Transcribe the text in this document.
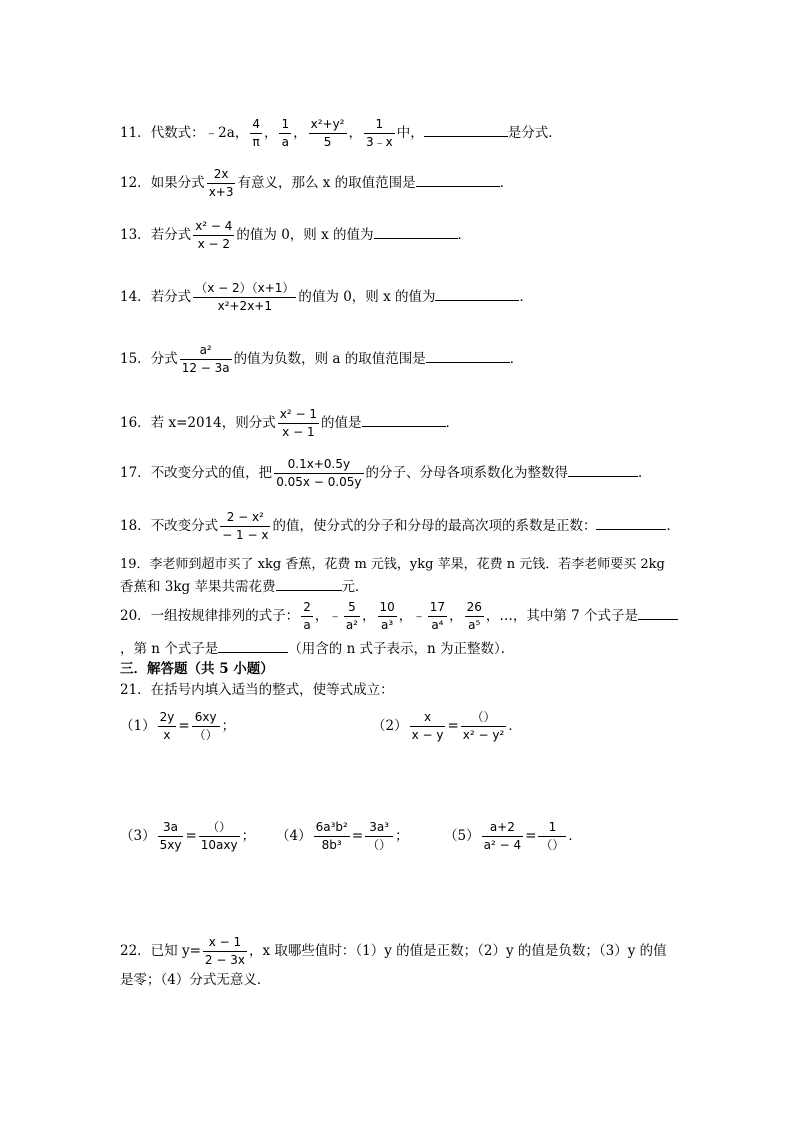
11．代数式：﹣2a， $\frac{4}{\pi}$ ， $\frac{1}{a}$ ， $\frac{\text{x²+y²}}{5}$ ， $\frac{1}{3﹣x}$ 中，	是分式．
12．如果分式 $\frac{2x}{x+3}$ 有意义，那么 x 的取值范围是	．
13．若分式 $\frac{\text{x² − 4}}{x - 2}$ 的值为 0，则 x 的值为	．
14．若分式 $\frac{(x - 2)(x+1)}{\text{x²+2x+1}}$ 的值为 0，则 x 的值为	．
15．分式 $\frac{\text{a²}}{12 - 3a}$ 的值为负数，则 a 的取值范围是	．
16．若 x=2014，则分式 $\frac{\text{x² − 1}}{x - 1}$ 的值是	．
17．不改变分式的值，把 $\frac{0.1x+0.5y}{0.05x - 0.05y}$ 的分子、分母各项系数化为整数得	．
18．不改变分式 $\frac{\text{2 − x²}}{- 1 - x}$ 的值，使分式的分子和分母的最高次项的系数是正数：	．
19．李老师到超市买了 xkg 香蕉，花费 m 元钱，ykg 苹果，花费 n 元钱．若李老师要买 2kg
香蕉和 3kg 苹果共需花费	元．
20．一组按规律排列的式子： $\frac{2}{a}$ ，﹣ $\frac{5}{\text{a²}}$ ， $\frac{10}{\text{a³}}$ ，﹣ $\frac{17}{\text{a⁴}}$ ， $\frac{26}{\text{a⁵}}$ ，…，其中第 7 个式子是
，第 n 个式子是	（用含的 n 式子表示，n 为正整数）．
三．解答题（共 5 小题）
21．在括号内填入适当的整式，使等式成立：
$(1) \frac{2y}{x} = \frac{6xy}{()}$ ；	$(2) \frac{x}{x - y} = \frac{()}{\text{x² − y²}}$ ．
$(3) \frac{3a}{5xy} = \frac{()}{\text{10axy}}$ ； $(4) \frac{\text{6a³b²}}{\text{8b³}} = \frac{\text{3a³}}{()}$ ；	$(5) \frac{a+2}{\text{a² − 4}} = \frac{1}{()}$ ．
22．已知 $y= \frac{x - 1}{2 - 3x}$ ，x 取哪些值时：（1）y 的值是正数；（2）y 的值是负数；（3）y 的值
是零；（4）分式无意义．
